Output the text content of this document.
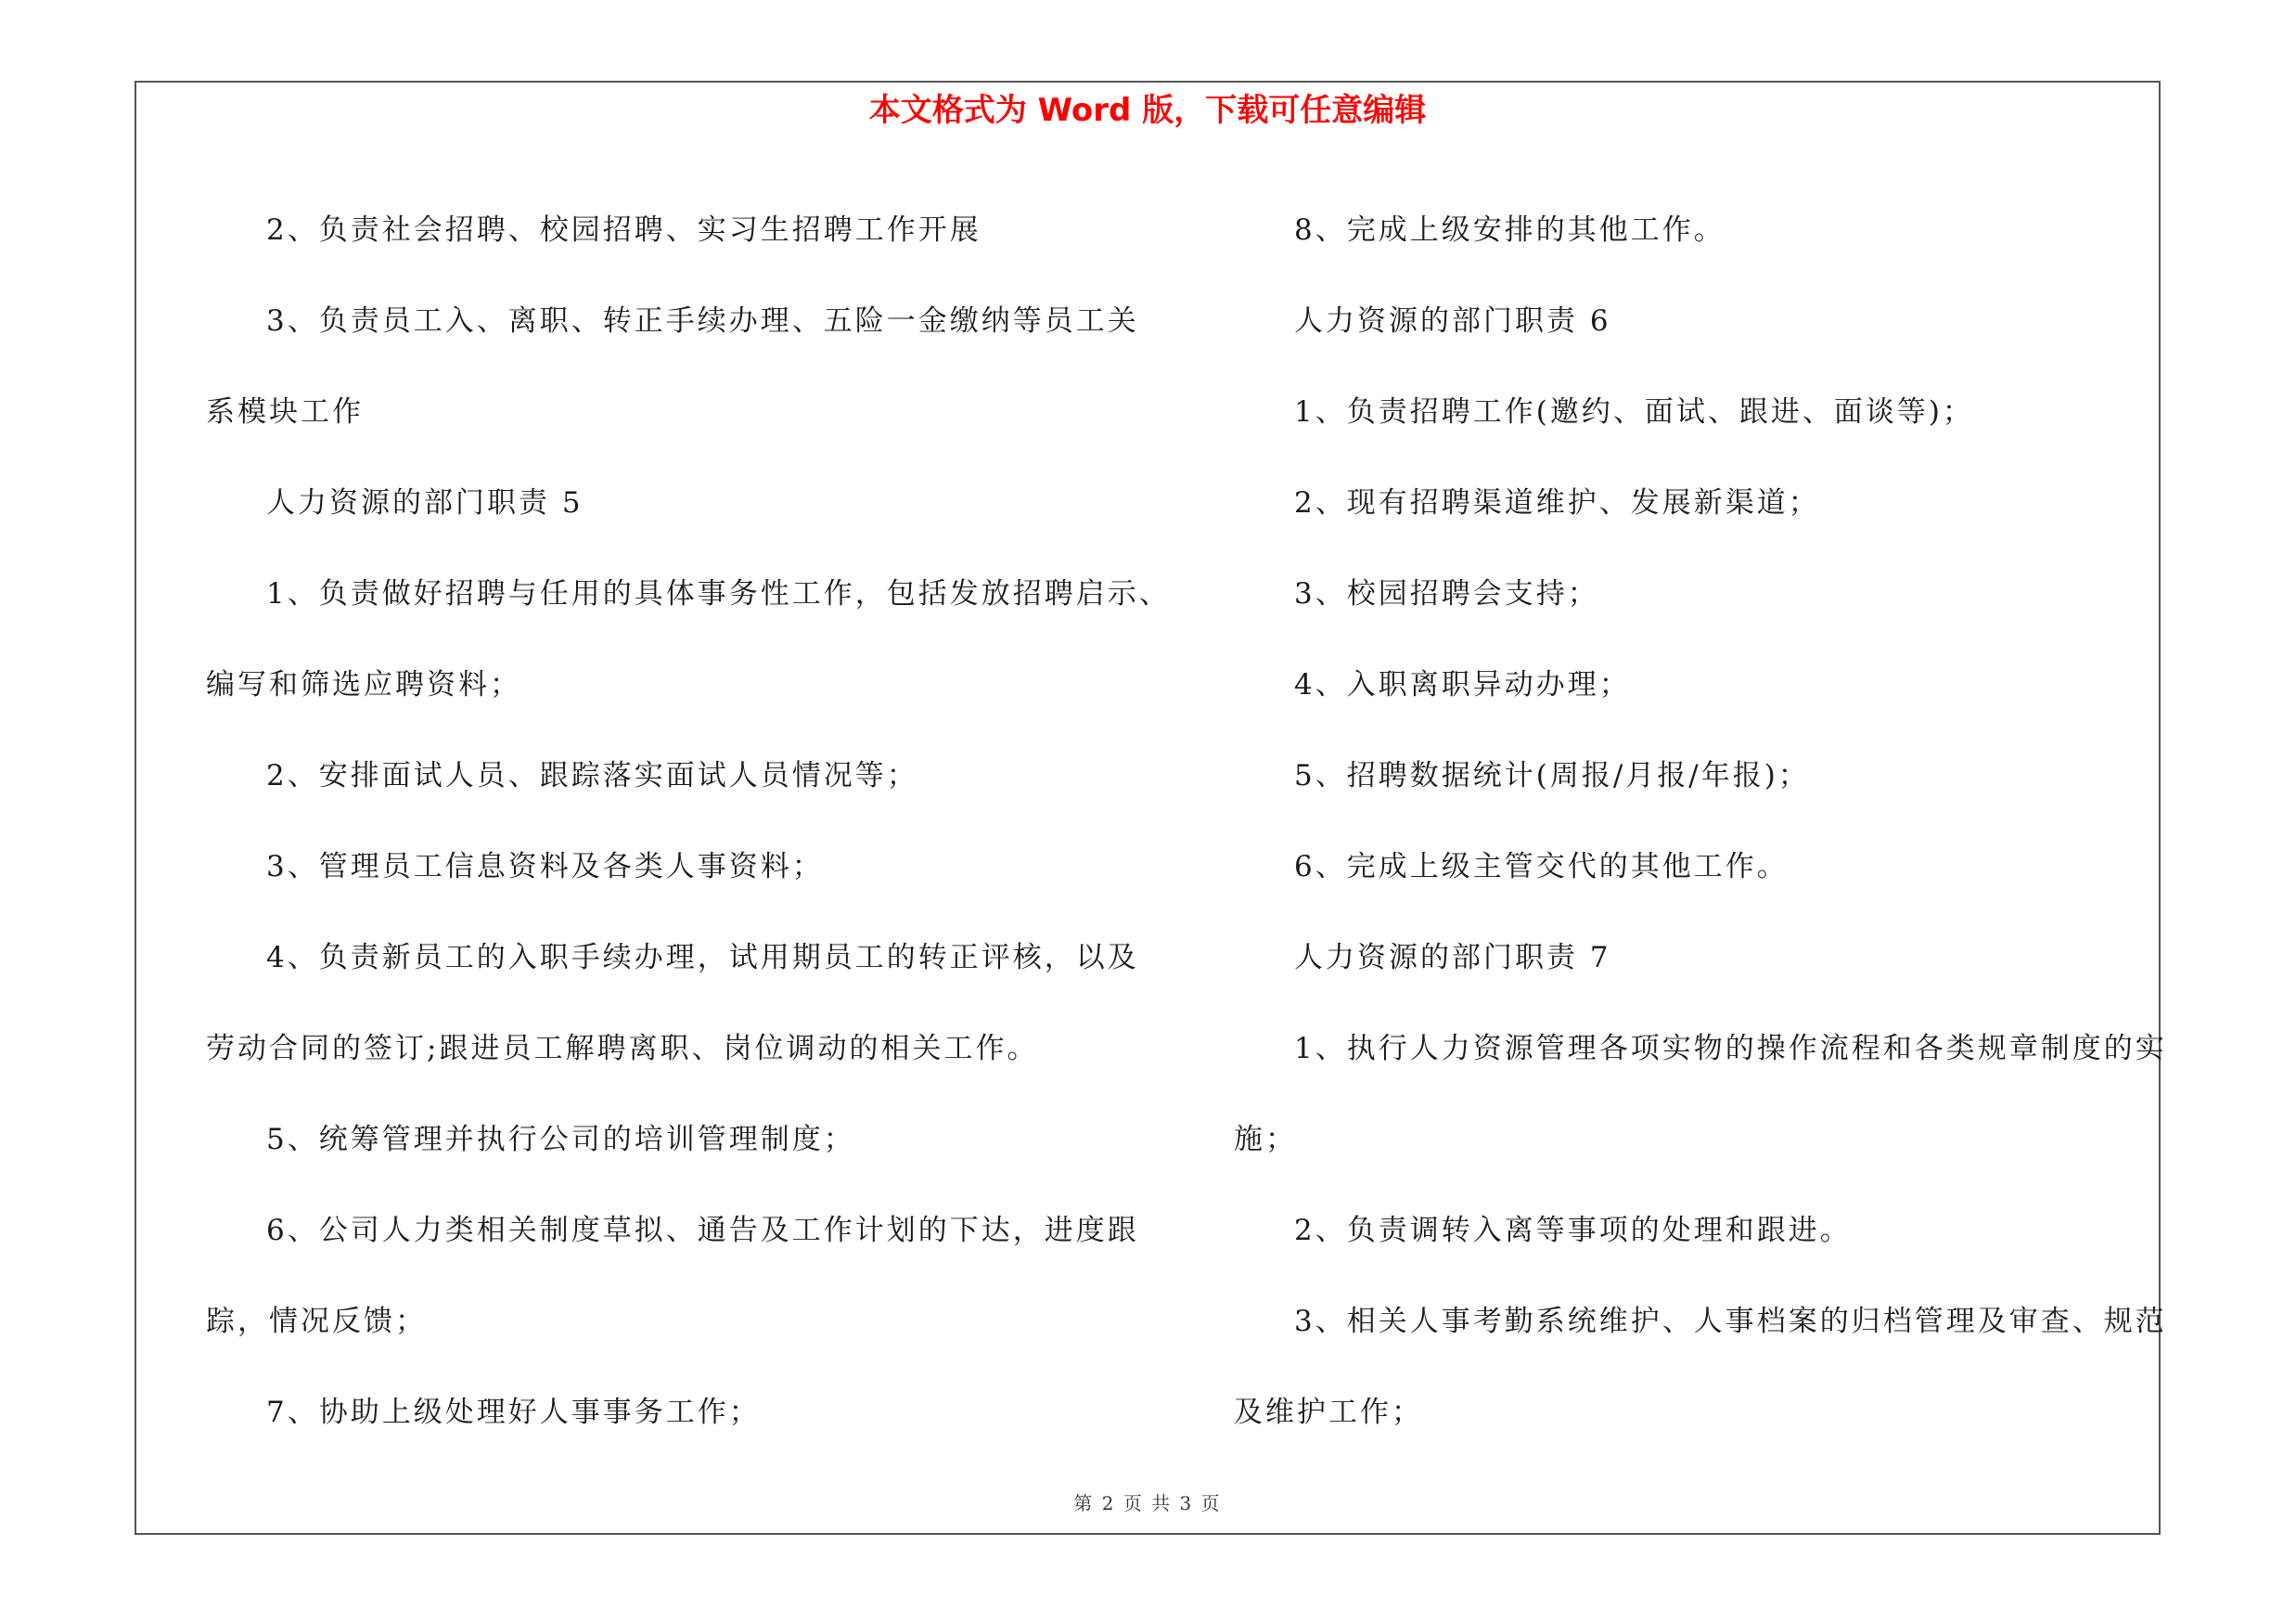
本文格式为 Word 版，下载可任意编辑
2、负责社会招聘、校园招聘、实习生招聘工作开展
3、负责员工入、离职、转正手续办理、五险一金缴纳等员工关
系模块工作
人力资源的部门职责 5
1、负责做好招聘与任用的具体事务性工作，包括发放招聘启示、
编写和筛选应聘资料；
2、安排面试人员、跟踪落实面试人员情况等；
3、管理员工信息资料及各类人事资料；
4、负责新员工的入职手续办理，试用期员工的转正评核，以及
劳动合同的签订;跟进员工解聘离职、岗位调动的相关工作。
5、统筹管理并执行公司的培训管理制度；
6、公司人力类相关制度草拟、通告及工作计划的下达，进度跟
踪，情况反馈；
7、协助上级处理好人事事务工作；
8、完成上级安排的其他工作。
人力资源的部门职责 6
1、负责招聘工作(邀约、面试、跟进、面谈等)；
2、现有招聘渠道维护、发展新渠道；
3、校园招聘会支持；
4、入职离职异动办理；
5、招聘数据统计(周报/月报/年报)；
6、完成上级主管交代的其他工作。
人力资源的部门职责 7
1、执行人力资源管理各项实物的操作流程和各类规章制度的实
施；
2、负责调转入离等事项的处理和跟进。
3、相关人事考勤系统维护、人事档案的归档管理及审查、规范
及维护工作；
第 2 页 共 3 页
